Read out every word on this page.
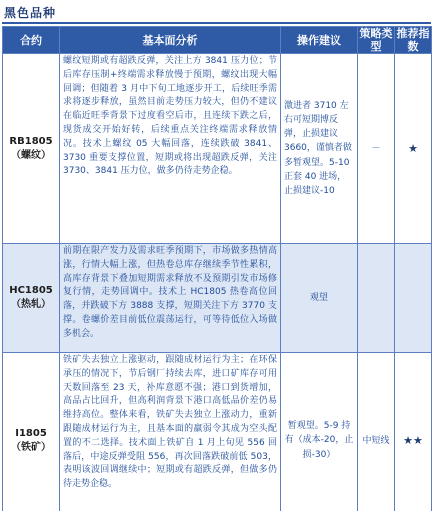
黑色品种
合约	基本面分析	操作建议	策略类型	推荐指数

RB1805
（螺纹）	螺纹短期或有超跌反弹，关注上方 3841 压力位；节后库存压制+终端需求释放慢于预期，螺纹出现大幅回调；但随着 3 月中下旬工地逐步开工，后续旺季需求将逐步释放，虽然目前走势压力较大，但仍不建议在临近旺季背景下过度看空后市，且连续下跌之后，现货成交开始好转，后续重点关注终端需求释放情况。技术上螺纹 05 大幅回落，连续跌破 3841、3730 重要支撑位置，短期或将出现超跌反弹，关注 3730、3841 压力位，做多仍待走势企稳。	激进者 3710 左右可短期博反弹，止损建议 3660，谨慎者做多暂观望。5-10 正套 40 进场，止损建议-10	－	★

HC1805
（热轧）	前期在限产发力及需求旺季预期下，市场做多热情高涨，行情大幅上涨，但热卷总库存继续季节性累积，高库存背景下叠加短期需求释放不及预期引发市场修复行情，走势回调中。技术上 HC1805 热卷高位回落，并跌破下方 3888 支撑，短期关注下方 3770 支撑。卷螺价差目前低位震荡运行，可等待低位入场做多机会。	观望		

I1805
（铁矿）	铁矿失去独立上涨驱动，跟随成材运行为主；在环保承压的情况下，节后钢厂持续去库，进口矿库存可用天数回落至 23 天，补库意愿不强；港口到货增加，高品占比回升，但高利润背景下港口高低品价差仍易维持高位。整体来看，铁矿失去独立上涨动力，重新跟随成材运行为主，且基本面的羸弱令其成为空头配置的不二选择。技术面上铁矿自 1 月上旬见 556 回落后，中途反弹受阻 556，再次回落跌破前低 503，表明该波回调继续中；短期或有超跌反弹，但做多仍待走势企稳。	暂观望。5-9 持有（成本-20，止损-30）	中短线	★★
